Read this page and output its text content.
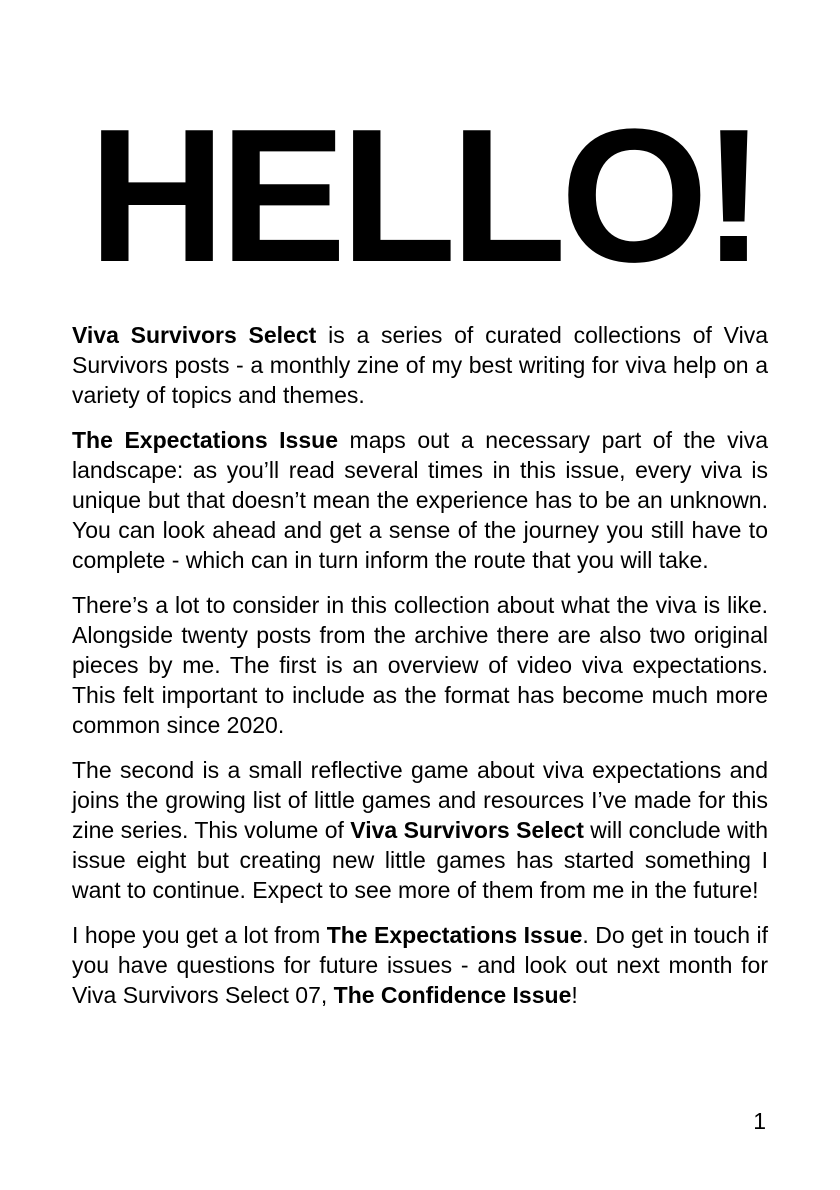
HELLO!

Viva Survivors Select is a series of curated collections of Viva Survivors posts - a monthly zine of my best writing for viva help on a variety of topics and themes.

The Expectations Issue maps out a necessary part of the viva landscape: as you’ll read several times in this issue, every viva is unique but that doesn’t mean the experience has to be an unknown. You can look ahead and get a sense of the journey you still have to complete - which can in turn inform the route that you will take.

There’s a lot to consider in this collection about what the viva is like. Alongside twenty posts from the archive there are also two original pieces by me. The first is an overview of video viva expectations. This felt important to include as the format has become much more common since 2020.

The second is a small reflective game about viva expectations and joins the growing list of little games and resources I’ve made for this zine series. This volume of Viva Survivors Select will conclude with issue eight but creating new little games has started something I want to continue. Expect to see more of them from me in the future!

I hope you get a lot from The Expectations Issue. Do get in touch if you have questions for future issues - and look out next month for Viva Survivors Select 07, The Confidence Issue!

1
